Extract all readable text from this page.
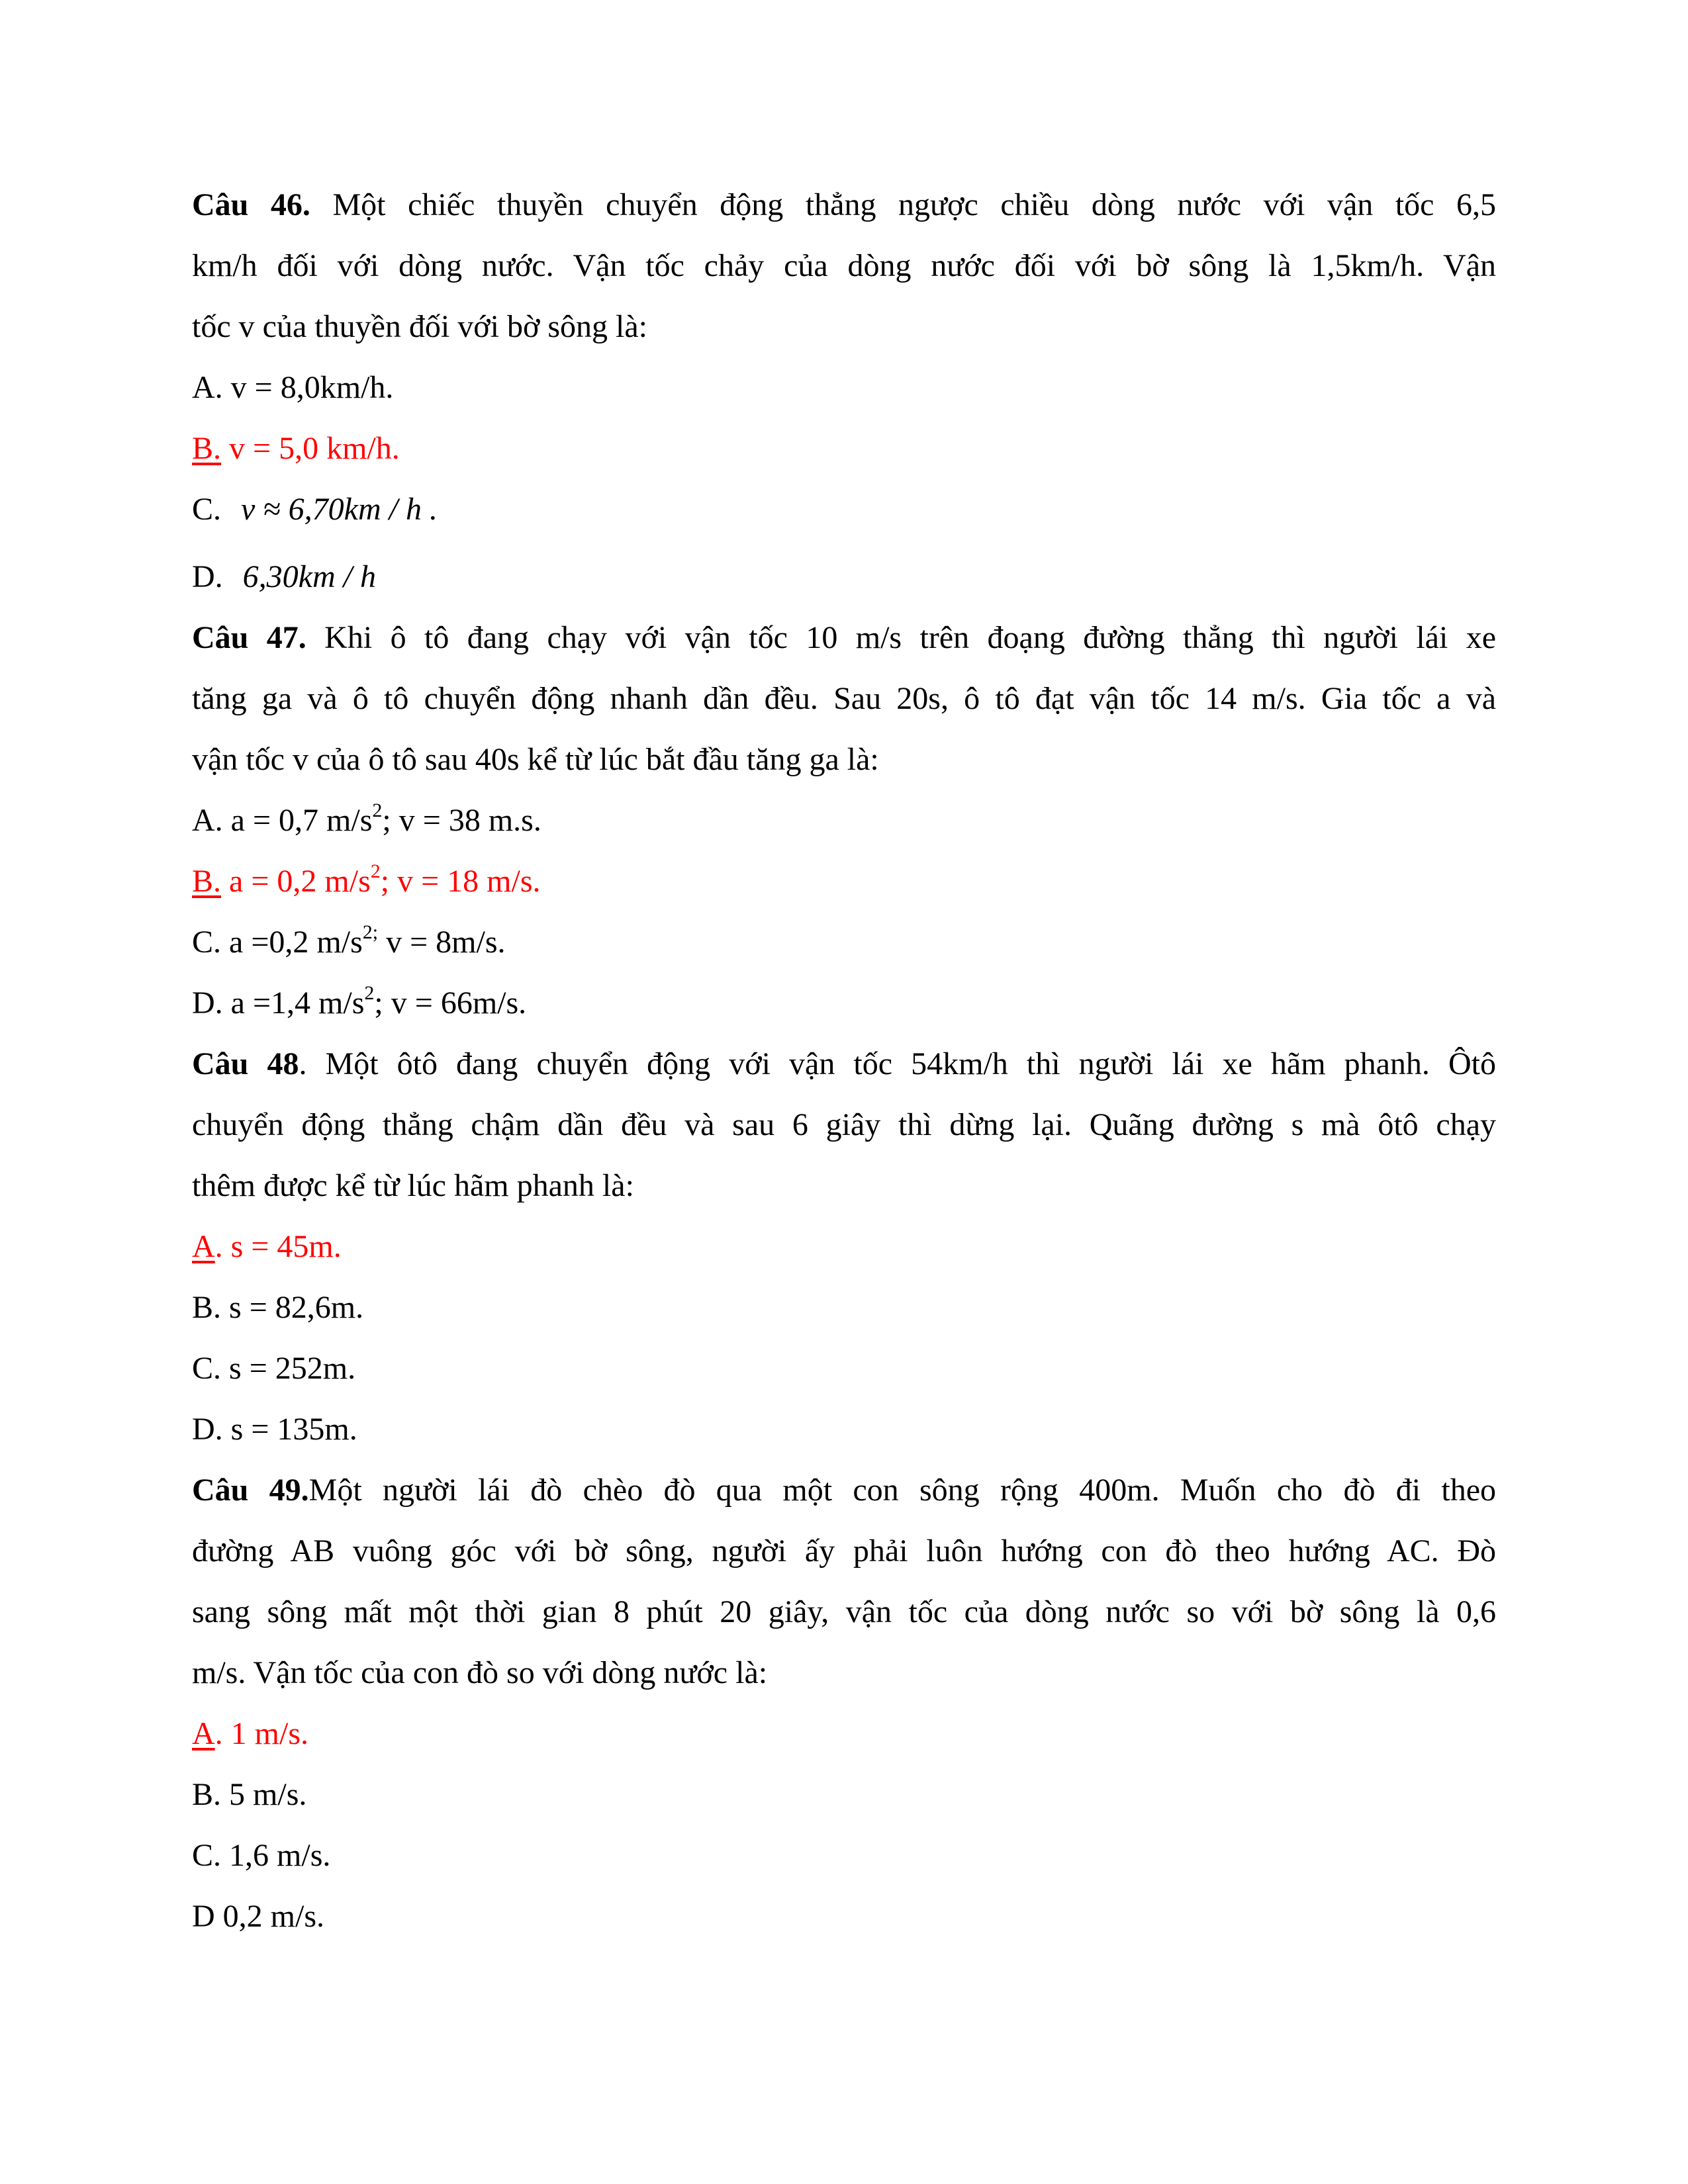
Câu 46. Một chiếc thuyền chuyển động thẳng ngược chiều dòng nước với vận tốc 6,5
km/h đối với dòng nước. Vận tốc chảy của dòng nước đối với bờ sông là 1,5km/h. Vận
tốc v của thuyền đối với bờ sông là:
A. v = 8,0km/h.
B. v = 5,0 km/h.
C. v ≈ 6,70km / h .
D. 6,30km / h
Câu 47. Khi ô tô đang chạy với vận tốc 10 m/s trên đoạng đường thẳng thì người lái xe
tăng ga và ô tô chuyển động nhanh dần đều. Sau 20s, ô tô đạt vận tốc 14 m/s. Gia tốc a và
vận tốc v của ô tô sau 40s kể từ lúc bắt đầu tăng ga là:
A. a = 0,7 $m/s^2$; v = 38 m.s.
B. a = 0,2 $m/s^2$; v = 18 m/s.
C. a =0,2 $m/s^{2;}$ v = 8m/s.
D. a =1,4 $m/s^2$; v = 66m/s.
Câu 48. Một ôtô đang chuyển động với vận tốc 54km/h thì người lái xe hãm phanh. Ôtô
chuyển động thẳng chậm dần đều và sau 6 giây thì dừng lại. Quãng đường s mà ôtô chạy
thêm được kể từ lúc hãm phanh là:
A. s = 45m.
B. s = 82,6m.
C. s = 252m.
D. s = 135m.
Câu 49.Một người lái đò chèo đò qua một con sông rộng 400m. Muốn cho đò đi theo
đường AB vuông góc với bờ sông, người ấy phải luôn hướng con đò theo hướng AC. Đò
sang sông mất một thời gian 8 phút 20 giây, vận tốc của dòng nước so với bờ sông là 0,6
m/s. Vận tốc của con đò so với dòng nước là:
A. 1 m/s.
B. 5 m/s.
C. 1,6 m/s.
D 0,2 m/s.
